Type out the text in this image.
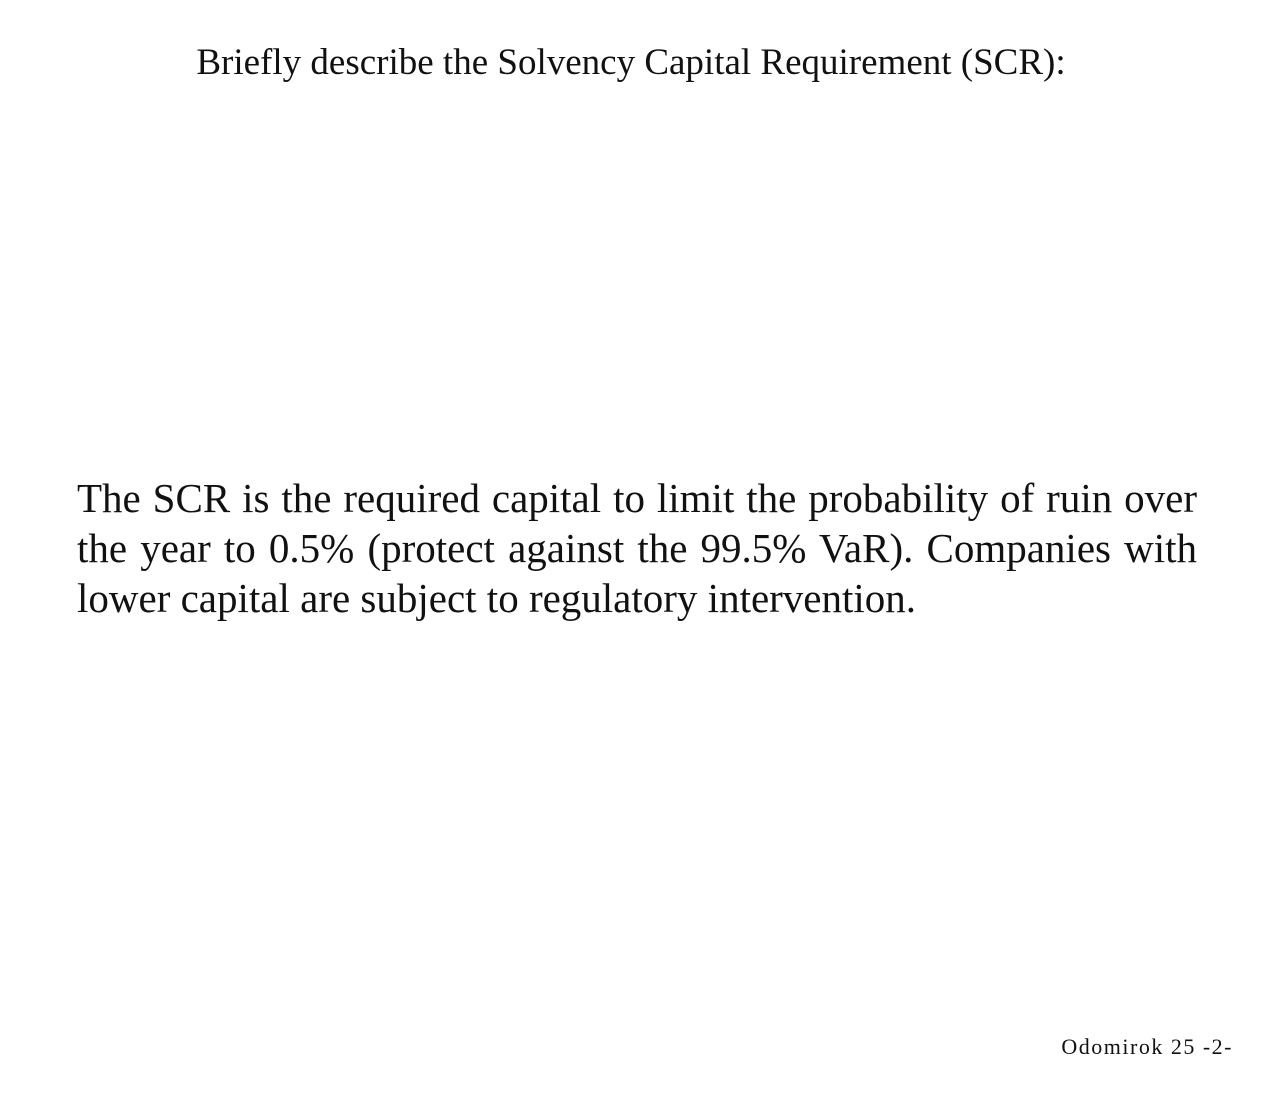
Briefly describe the Solvency Capital Requirement (SCR):
The SCR is the required capital to limit the probability of ruin over the year to 0.5% (protect against the 99.5% VaR). Companies with lower capital are subject to regulatory intervention.
Odomirok 25 -2-
